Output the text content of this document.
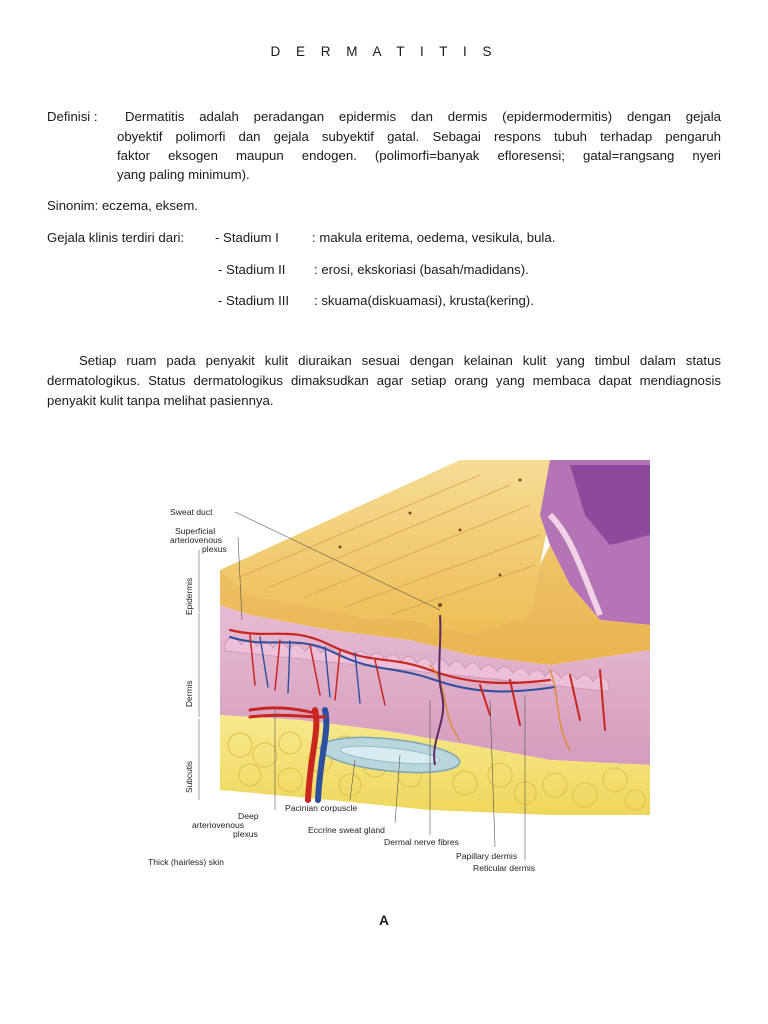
D E R M A T I T I S
Definisi : Dermatitis adalah peradangan epidermis dan dermis (epidermodermitis) dengan gejala
obyektif polimorfi dan gejala subyektif gatal. Sebagai respons tubuh terhadap pengaruh
faktor eksogen maupun endogen. (polimorfi=banyak efloresensi; gatal=rangsang nyeri
yang paling minimum).
Sinonim: eczema, eksem.
Gejala klinis terdiri dari: - Stadium I	: makula eritema, oedema, vesikula, bula.
- Stadium II : erosi, ekskoriasi (basah/madidans).
- Stadium III : skuama(diskuamasi), krusta(kering).
Setiap ruam pada penyakit kulit diuraikan sesuai dengan kelainan kulit yang timbul dalam status dermatologikus. Status dermatologikus dimaksudkan agar setiap orang yang membaca dapat mendiagnosis penyakit kulit tanpa melihat pasiennya.
Sweat duct
Superficial
arteriovenous
plexus
Epidermis
Dermis
Subcutis
Deep
arteriovenous
plexus
Pacinian corpuscle
Eccrine sweat gland
Dermal nerve fibres
Papillary dermis
Reticular dermis
Thick (hairless) skin
A
